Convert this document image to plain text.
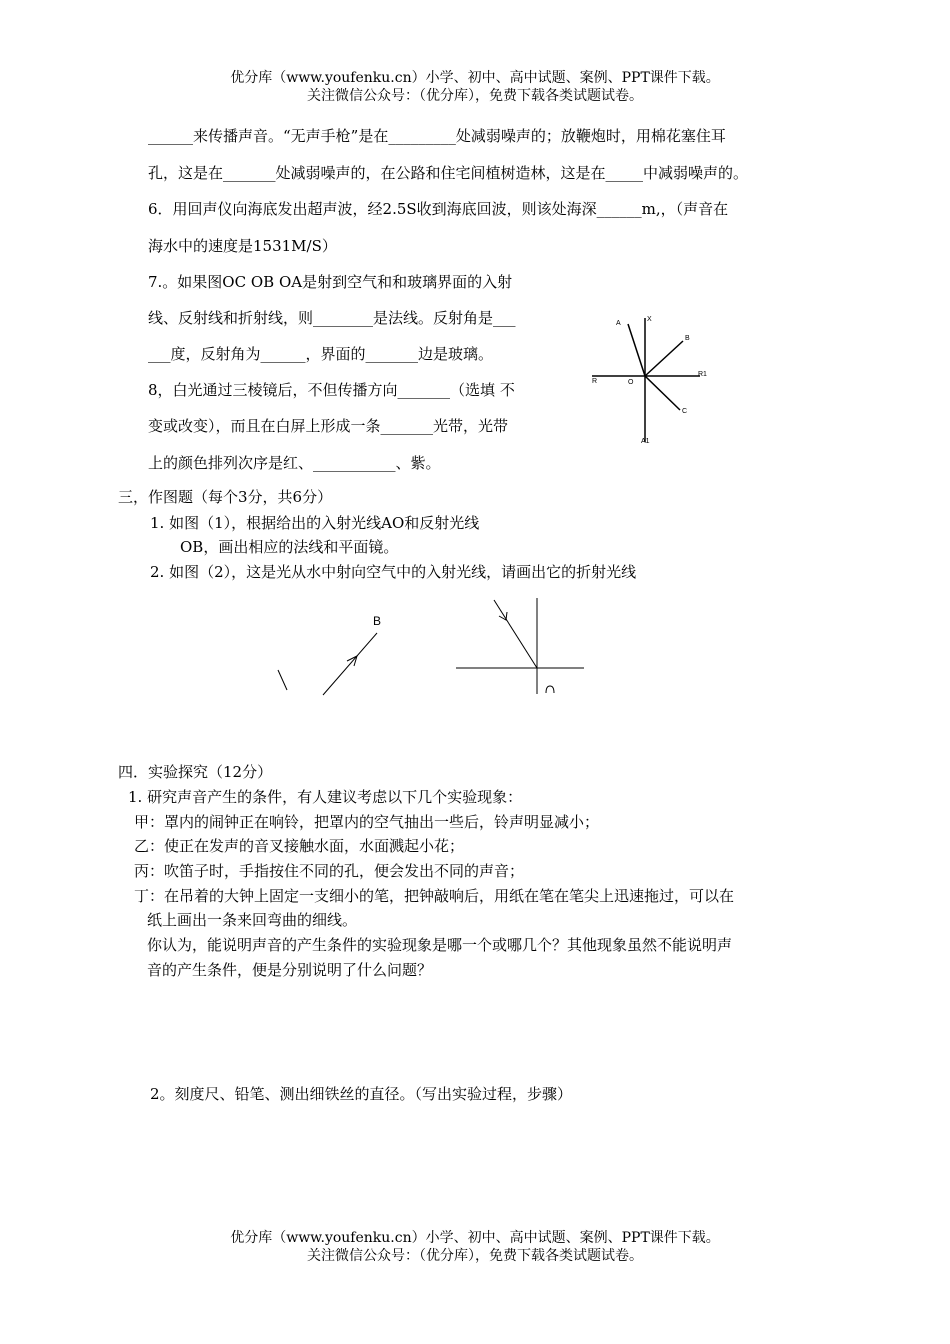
优分库（www.youfenku.cn）小学、初中、高中试题、案例、PPT课件下载。
关注微信公众号：（优分库），免费下载各类试题试卷。
______来传播声音。“无声手枪”是在_________处减弱噪声的；放鞭炮时，用棉花塞住耳
孔，这是在_______处减弱噪声的，在公路和住宅间植树造林，这是在_____中减弱噪声的。
6．用回声仪向海底发出超声波，经2.5S收到海底回波，则该处海深______m,，（声音在
海水中的速度是1531M/S）
7.。如果图OC OB OA是射到空气和和玻璃界面的入射
线、反射线和折射线，则________是法线。反射角是___
___度，反射角为______，界面的_______边是玻璃。
8，白光通过三棱镜后，不但传播方向_______（选填 不
变或改变），而且在白屏上形成一条_______光带，光带
上的颜色排列次序是红、___________、紫。
A
X
B
R	O
R1
C
A1
三，作图题（每个3分，共6分）
1. 如图（1），根据给出的入射光线AO和反射光线
OB，画出相应的法线和平面镜。
2. 如图（2），这是光从水中射向空气中的入射光线，请画出它的折射光线
B
四．实验探究（12分）
1. 研究声音产生的条件，有人建议考虑以下几个实验现象：
甲：罩内的闹钟正在响铃，把罩内的空气抽出一些后，铃声明显减小；
乙：使正在发声的音叉接触水面，水面溅起小花；
丙：吹笛子时，手指按住不同的孔，便会发出不同的声音；
丁：在吊着的大钟上固定一支细小的笔，把钟敲响后，用纸在笔在笔尖上迅速拖过，可以在
纸上画出一条来回弯曲的细线。
你认为，能说明声音的产生条件的实验现象是哪一个或哪几个？其他现象虽然不能说明声
音的产生条件，便是分别说明了什么问题？
2。刻度尺、铅笔、测出细铁丝的直径。（写出实验过程，步骤）
优分库（www.youfenku.cn）小学、初中、高中试题、案例、PPT课件下载。
关注微信公众号：（优分库），免费下载各类试题试卷。
